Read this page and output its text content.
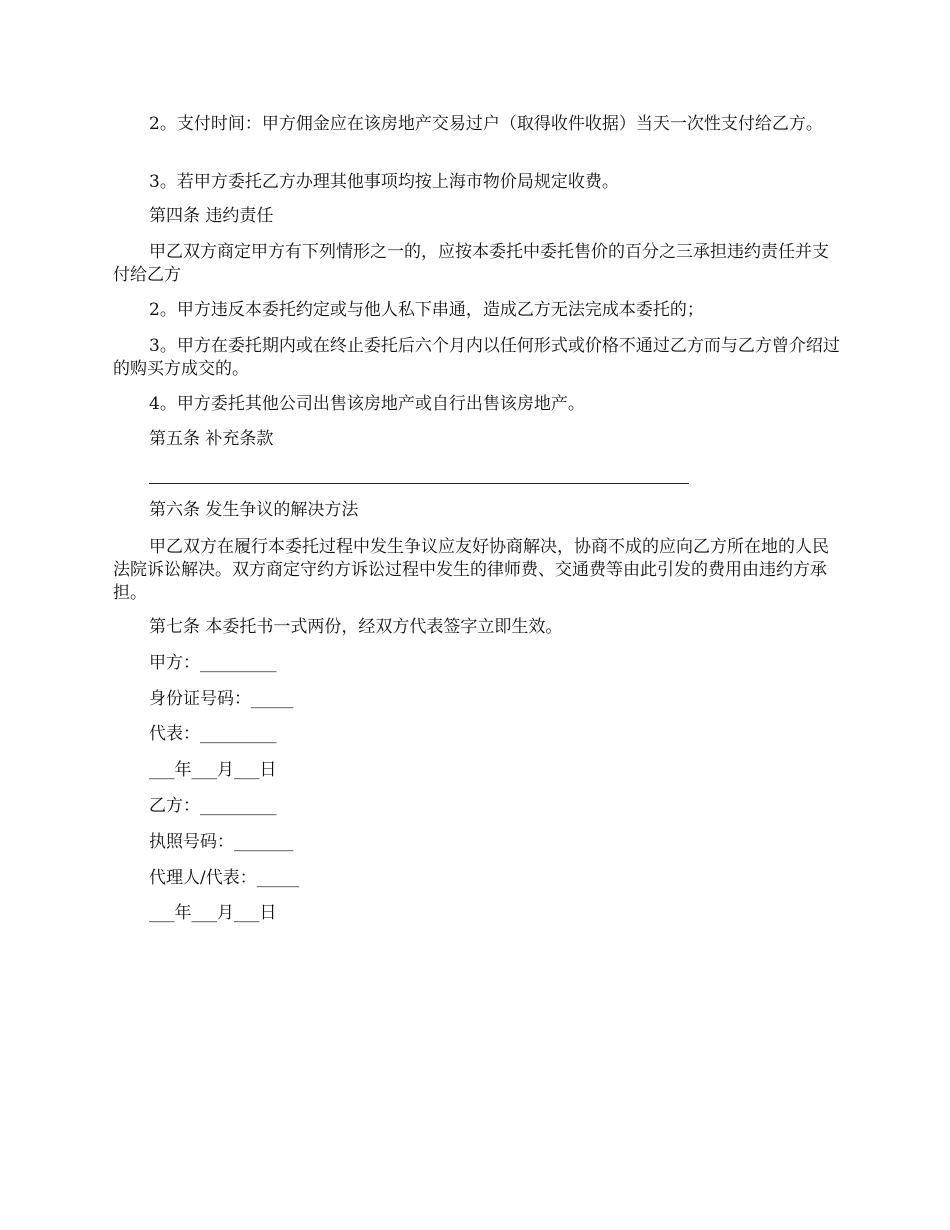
2。支付时间：甲方佣金应在该房地产交易过户（取得收件收据）当天一次性支付给乙方。

3。若甲方委托乙方办理其他事项均按上海市物价局规定收费。

第四条 违约责任

甲乙双方商定甲方有下列情形之一的，应按本委托中委托售价的百分之三承担违约责任并支付给乙方

2。甲方违反本委托约定或与他人私下串通，造成乙方无法完成本委托的；

3。甲方在委托期内或在终止委托后六个月内以任何形式或价格不通过乙方而与乙方曾介绍过的购买方成交的。

4。甲方委托其他公司出售该房地产或自行出售该房地产。

第五条 补充条款

第六条 发生争议的解决方法

甲乙双方在履行本委托过程中发生争议应友好协商解决，协商不成的应向乙方所在地的人民法院诉讼解决。双方商定守约方诉讼过程中发生的律师费、交通费等由此引发的费用由违约方承担。

第七条 本委托书一式两份，经双方代表签字立即生效。

甲方：_________

身份证号码：_____

代表：_________

___年___月___日

乙方：_________

执照号码：_______

代理人/代表：_____

___年___月___日
